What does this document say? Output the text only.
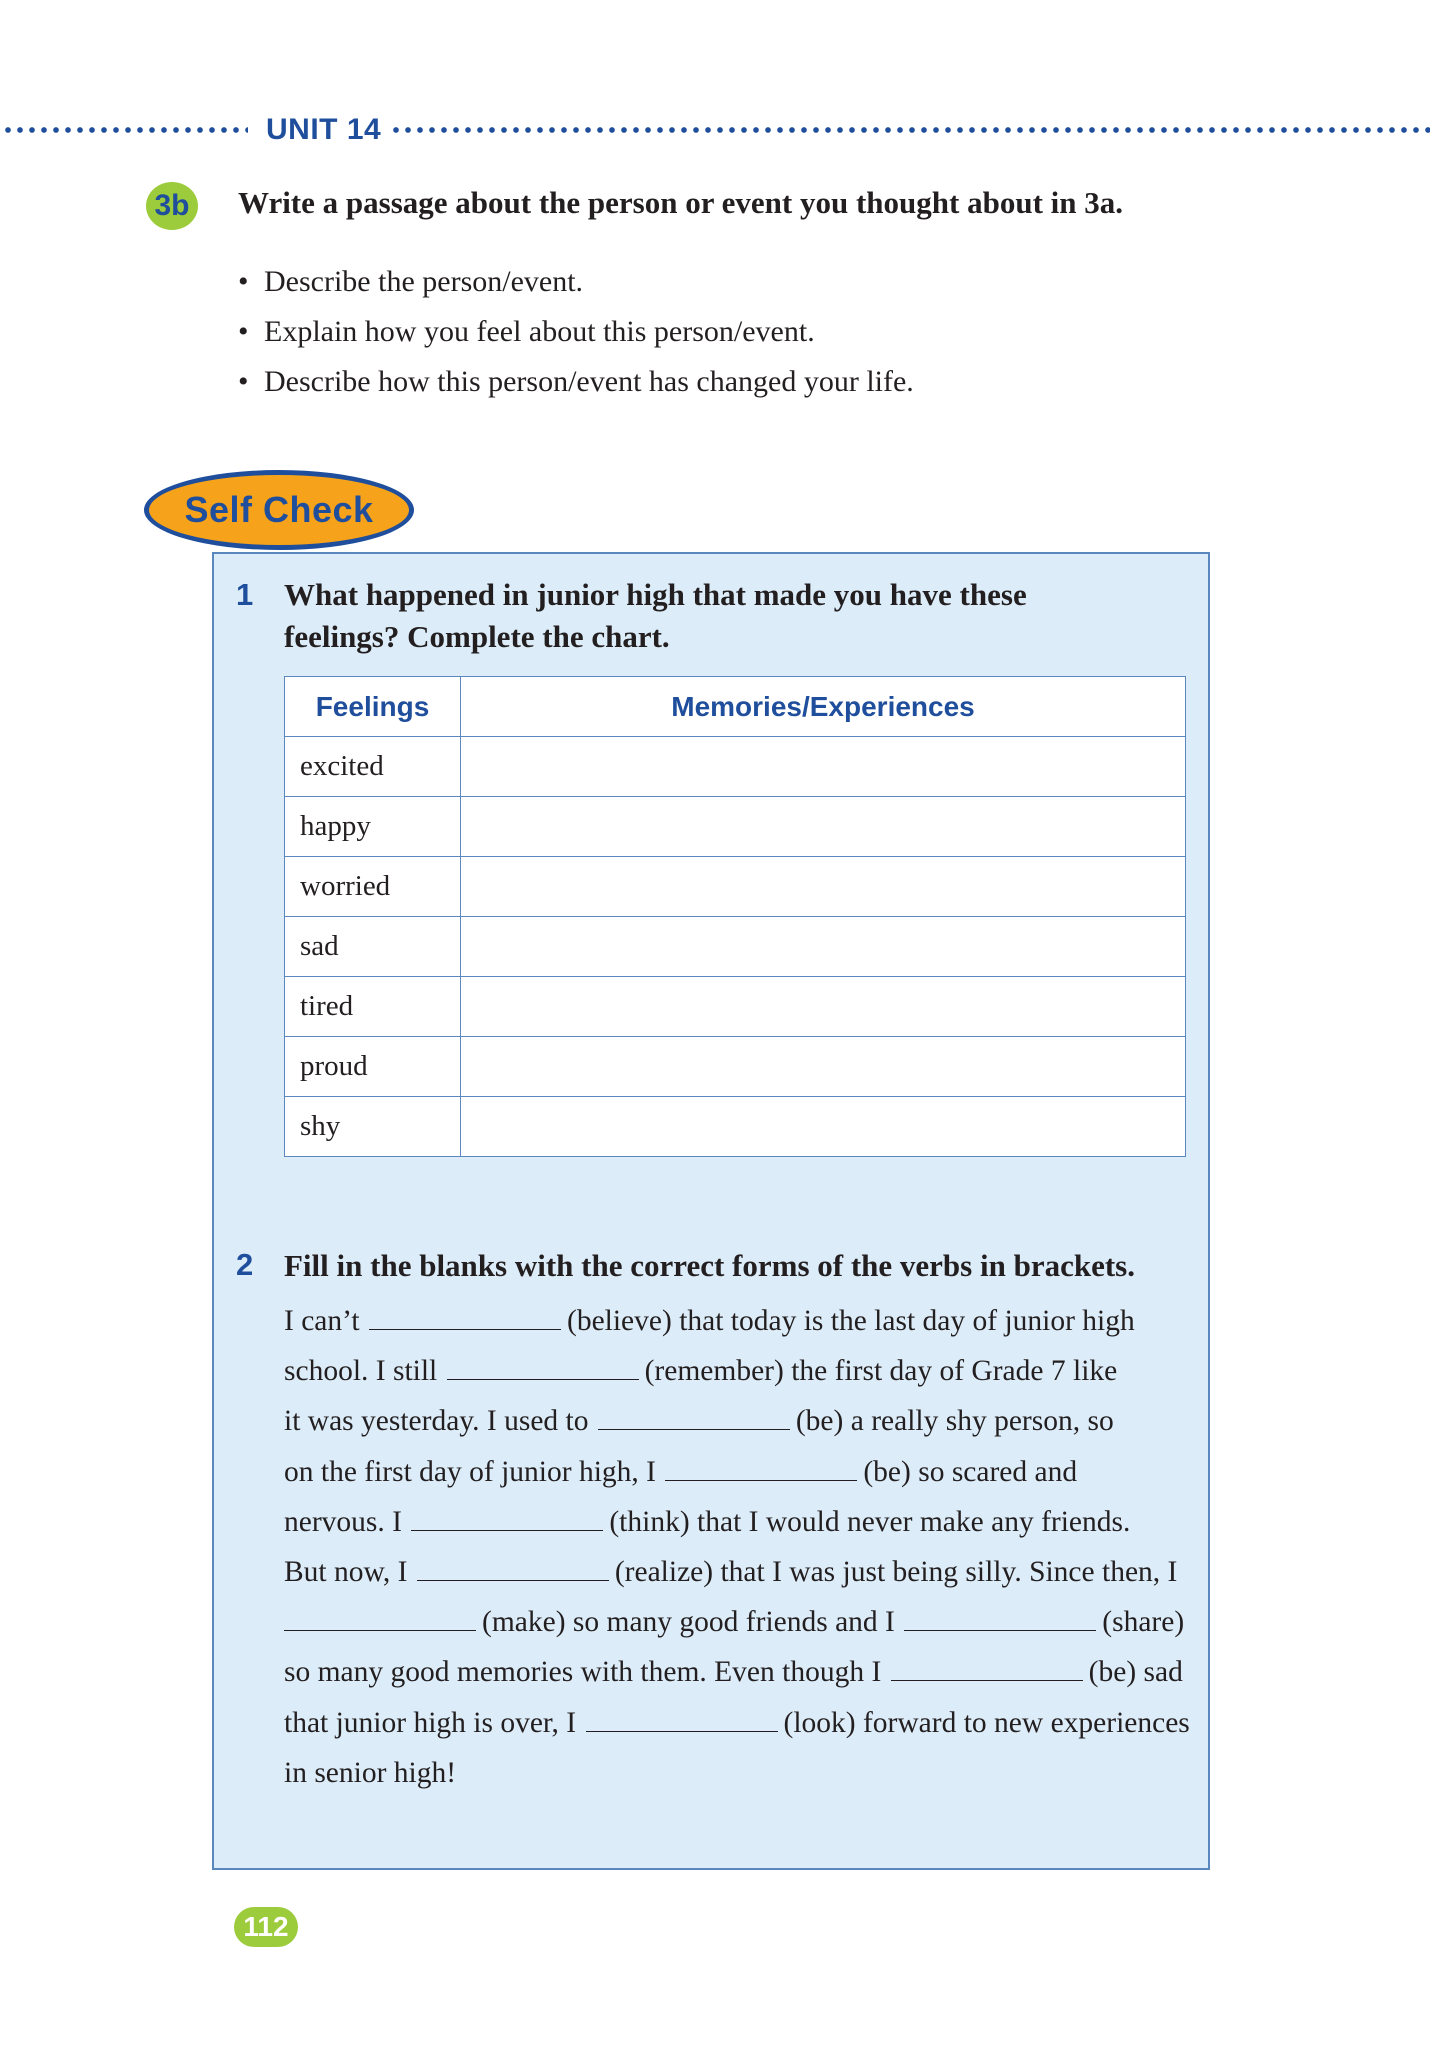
UNIT 14
3b Write a passage about the person or event you thought about in 3a.
• Describe the person/event.
• Explain how you feel about this person/event.
• Describe how this person/event has changed your life.
Self Check
1 What happened in junior high that made you have these
feelings? Complete the chart.
Feelings	Memories/Experiences
excited	
happy	
worried	
sad	
tired	
proud	
shy	
2 Fill in the blanks with the correct forms of the verbs in brackets.
I can’t	(believe) that today is the last day of junior high
school. I still	(remember) the first day of Grade 7 like
it was yesterday. I used to	(be) a really shy person, so
on the first day of junior high, I	(be) so scared and
nervous. I	(think) that I would never make any friends.
But now, I	(realize) that I was just being silly. Since then, I
(make) so many good friends and I	(share)
so many good memories with them. Even though I	(be) sad
that junior high is over, I	(look) forward to new experiences
in senior high!
112
